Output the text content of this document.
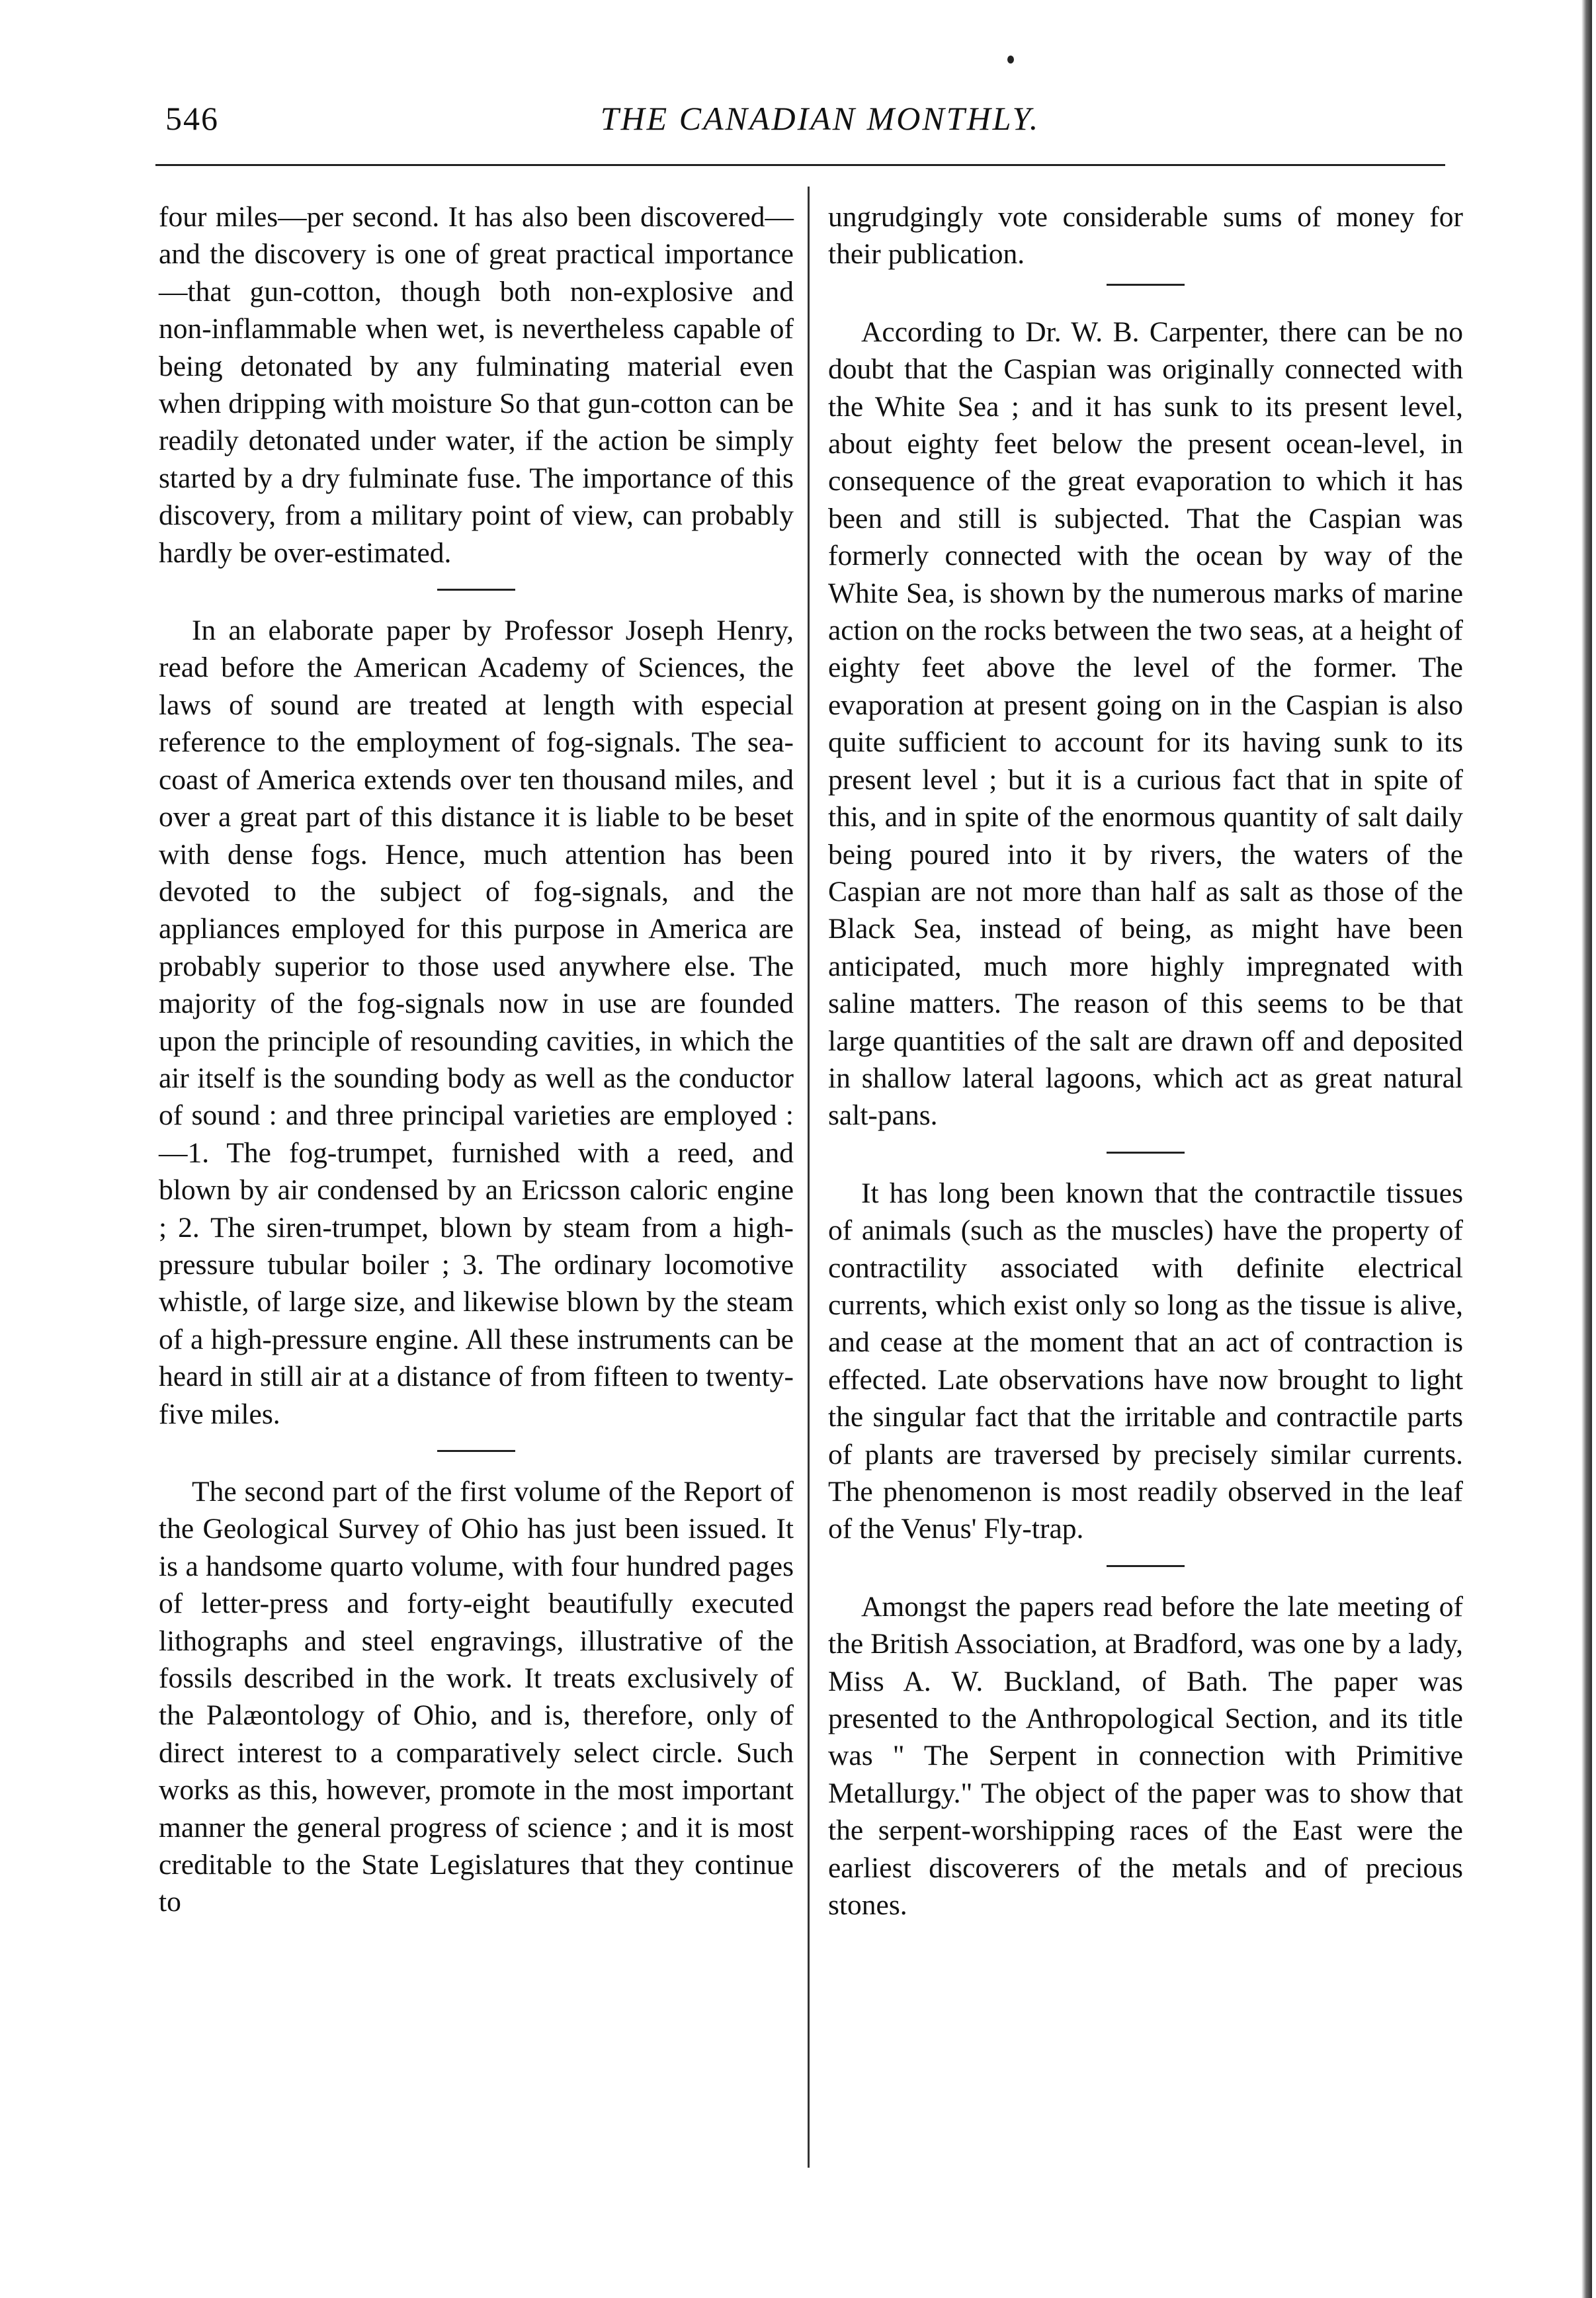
546	THE CANADIAN MONTHLY.

four miles—per second. It has also been discovered—and the discovery is one of great practical importance—that gun-cotton, though both non-explosive and non-inflammable when wet, is nevertheless capable of being detonated by any fulminating material even when dripping with moisture So that gun-cotton can be readily detonated under water, if the action be simply started by a dry fulminate fuse. The importance of this discovery, from a military point of view, can probably hardly be over-estimated.

In an elaborate paper by Professor Joseph Henry, read before the American Academy of Sciences, the laws of sound are treated at length with especial reference to the employment of fog-signals. The sea-coast of America extends over ten thousand miles, and over a great part of this distance it is liable to be beset with dense fogs. Hence, much attention has been devoted to the subject of fog-signals, and the appliances employed for this purpose in America are probably superior to those used anywhere else. The majority of the fog-signals now in use are founded upon the principle of resounding cavities, in which the air itself is the sounding body as well as the conductor of sound : and three principal varieties are employed :—1. The fog-trumpet, furnished with a reed, and blown by air condensed by an Ericsson caloric engine ; 2. The siren-trumpet, blown by steam from a high-pressure tubular boiler ; 3. The ordinary locomotive whistle, of large size, and likewise blown by the steam of a high-pressure engine. All these instruments can be heard in still air at a distance of from fifteen to twenty-five miles.

The second part of the first volume of the Report of the Geological Survey of Ohio has just been issued. It is a handsome quarto volume, with four hundred pages of letter-press and forty-eight beautifully executed lithographs and steel engravings, illustrative of the fossils described in the work. It treats exclusively of the Palæontology of Ohio, and is, therefore, only of direct interest to a comparatively select circle. Such works as this, however, promote in the most important manner the general progress of science ; and it is most creditable to the State Legislatures that they continue to

ungrudgingly vote considerable sums of money for their publication.

According to Dr. W. B. Carpenter, there can be no doubt that the Caspian was originally connected with the White Sea ; and it has sunk to its present level, about eighty feet below the present ocean-level, in consequence of the great evaporation to which it has been and still is subjected. That the Caspian was formerly connected with the ocean by way of the White Sea, is shown by the numerous marks of marine action on the rocks between the two seas, at a height of eighty feet above the level of the former. The evaporation at present going on in the Caspian is also quite sufficient to account for its having sunk to its present level ; but it is a curious fact that in spite of this, and in spite of the enormous quantity of salt daily being poured into it by rivers, the waters of the Caspian are not more than half as salt as those of the Black Sea, instead of being, as might have been anticipated, much more highly impregnated with saline matters. The reason of this seems to be that large quantities of the salt are drawn off and deposited in shallow lateral lagoons, which act as great natural salt-pans.

It has long been known that the contractile tissues of animals (such as the muscles) have the property of contractility associated with definite electrical currents, which exist only so long as the tissue is alive, and cease at the moment that an act of contraction is effected. Late observations have now brought to light the singular fact that the irritable and contractile parts of plants are traversed by precisely similar currents. The phenomenon is most readily observed in the leaf of the Venus' Fly-trap.

Amongst the papers read before the late meeting of the British Association, at Bradford, was one by a lady, Miss A. W. Buckland, of Bath. The paper was presented to the Anthropological Section, and its title was " The Serpent in connection with Primitive Metallurgy." The object of the paper was to show that the serpent-worshipping races of the East were the earliest discoverers of the metals and of precious stones.
